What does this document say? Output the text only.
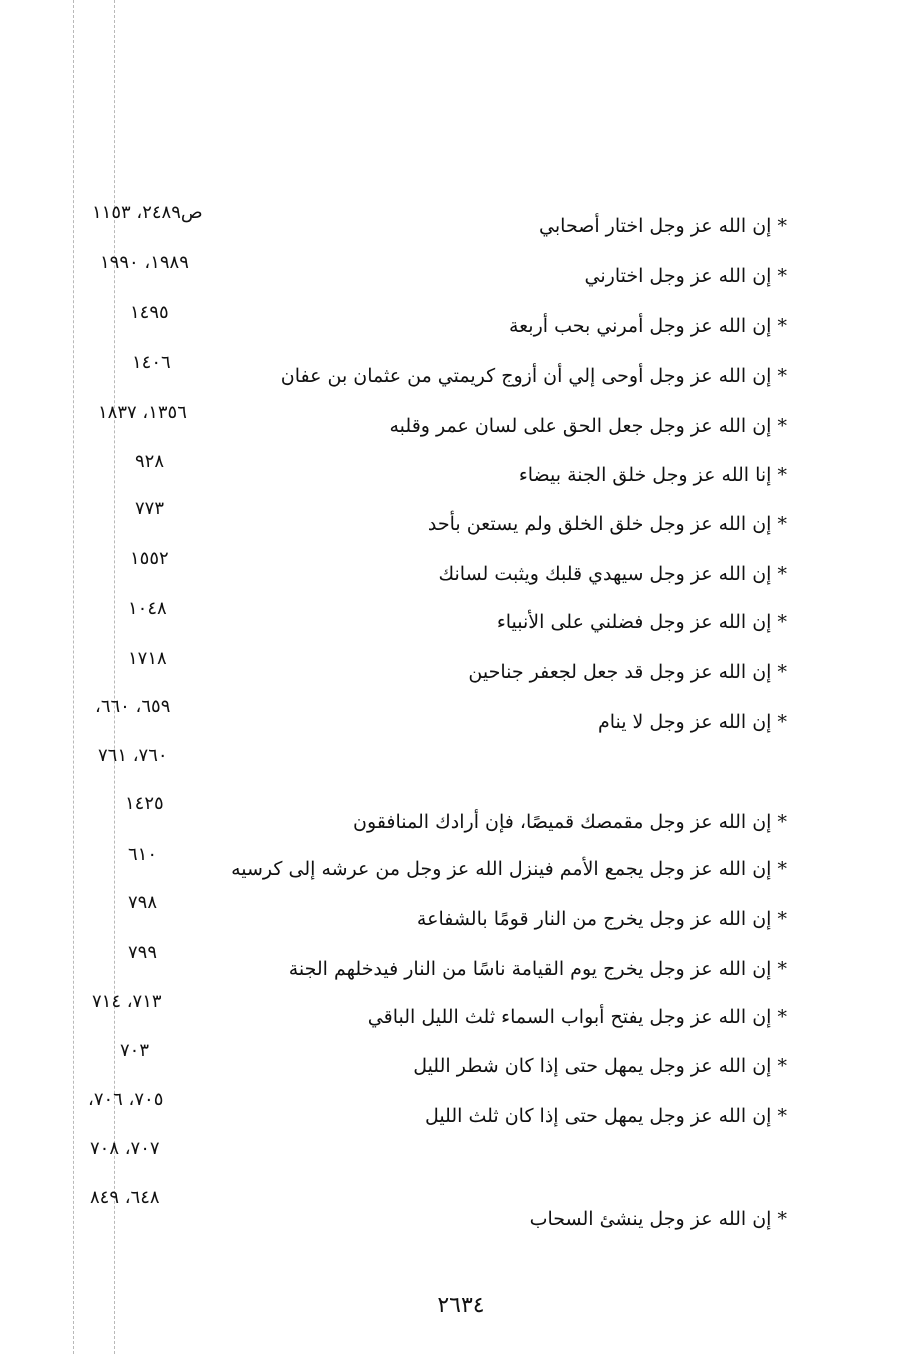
* إن الله عز وجل اختار أصحابي
ص٢٤٨٩، ١١٥٣
* إن الله عز وجل اختارني
١٩٨٩، ١٩٩٠
* إن الله عز وجل أمرني بحب أربعة
١٤٩٥
* إن الله عز وجل أوحى إلي أن أزوج كريمتي من عثمان بن عفان
١٤٠٦
* إن الله عز وجل جعل الحق على لسان عمر وقلبه
١٣٥٦، ١٨٣٧
* إنا الله عز وجل خلق الجنة بيضاء
٩٢٨
* إن الله عز وجل خلق الخلق ولم يستعن بأحد
٧٧٣
* إن الله عز وجل سيهدي قلبك ويثبت لسانك
١٥٥٢
* إن الله عز وجل فضلني على الأنبياء
١٠٤٨
* إن الله عز وجل قد جعل لجعفر جناحين
١٧١٨
* إن الله عز وجل لا ينام
٦٥٩، ٦٦٠،
٧٦٠، ٧٦١
* إن الله عز وجل مقمصك قميصًا، فإن أرادك المنافقون
١٤٢٥
* إن الله عز وجل يجمع الأمم فينزل الله عز وجل من عرشه إلى كرسيه
٦١٠
* إن الله عز وجل يخرج من النار قومًا بالشفاعة
٧٩٨
* إن الله عز وجل يخرج يوم القيامة ناسًا من النار فيدخلهم الجنة
٧٩٩
* إن الله عز وجل يفتح أبواب السماء ثلث الليل الباقي
٧١٣، ٧١٤
* إن الله عز وجل يمهل حتى إذا كان شطر الليل
٧٠٣
* إن الله عز وجل يمهل حتى إذا كان ثلث الليل
٧٠٥، ٧٠٦،
٧٠٧، ٧٠٨
* إن الله عز وجل ينشئ السحاب
٦٤٨، ٨٤٩
٢٦٣٤
